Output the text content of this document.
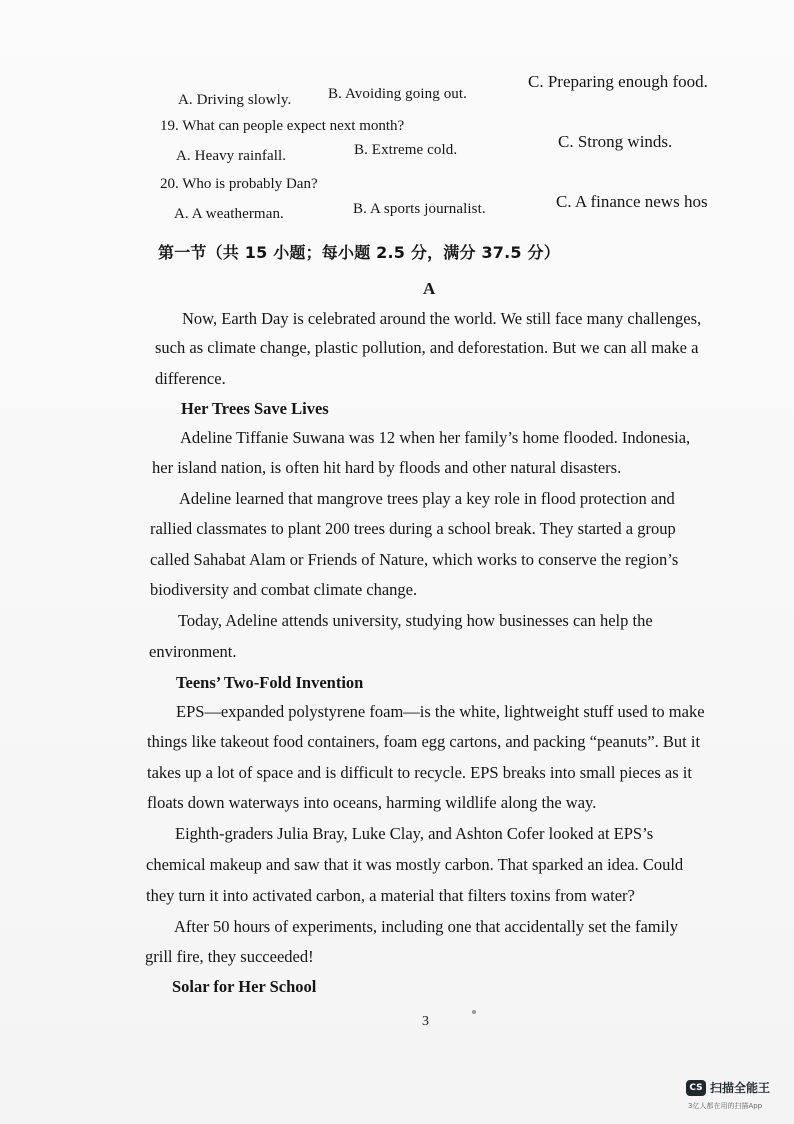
A. Driving slowly. B. Avoiding going out.
C. Preparing enough food.
19. What can people expect next month?
A. Heavy rainfall.	B. Extreme cold.	C. Strong winds.
20. Who is probably Dan?
A. A weatherman.	B. A sports journalist.	C. A finance news hos
第一节（共 15 小题；每小题 2.5 分，满分 37.5 分）
A
Now, Earth Day is celebrated around the world. We still face many challenges,
such as climate change, plastic pollution, and deforestation. But we can all make a
difference.
Her Trees Save Lives
Adeline Tiffanie Suwana was 12 when her family’s home flooded. Indonesia,
her island nation, is often hit hard by floods and other natural disasters.
Adeline learned that mangrove trees play a key role in flood protection and
rallied classmates to plant 200 trees during a school break. They started a group
called Sahabat Alam or Friends of Nature, which works to conserve the region’s
biodiversity and combat climate change.
Today, Adeline attends university, studying how businesses can help the
environment.
Teens’ Two-Fold Invention
EPS—expanded polystyrene foam—is the white, lightweight stuff used to make
things like takeout food containers, foam egg cartons, and packing “peanuts”. But it
takes up a lot of space and is difficult to recycle. EPS breaks into small pieces as it
floats down waterways into oceans, harming wildlife along the way.
Eighth-graders Julia Bray, Luke Clay, and Ashton Cofer looked at EPS’s
chemical makeup and saw that it was mostly carbon. That sparked an idea. Could
they turn it into activated carbon, a material that filters toxins from water?
After 50 hours of experiments, including one that accidentally set the family
grill fire, they succeeded!
Solar for Her School
3
CS 扫描全能王
3亿人都在用的扫描App
